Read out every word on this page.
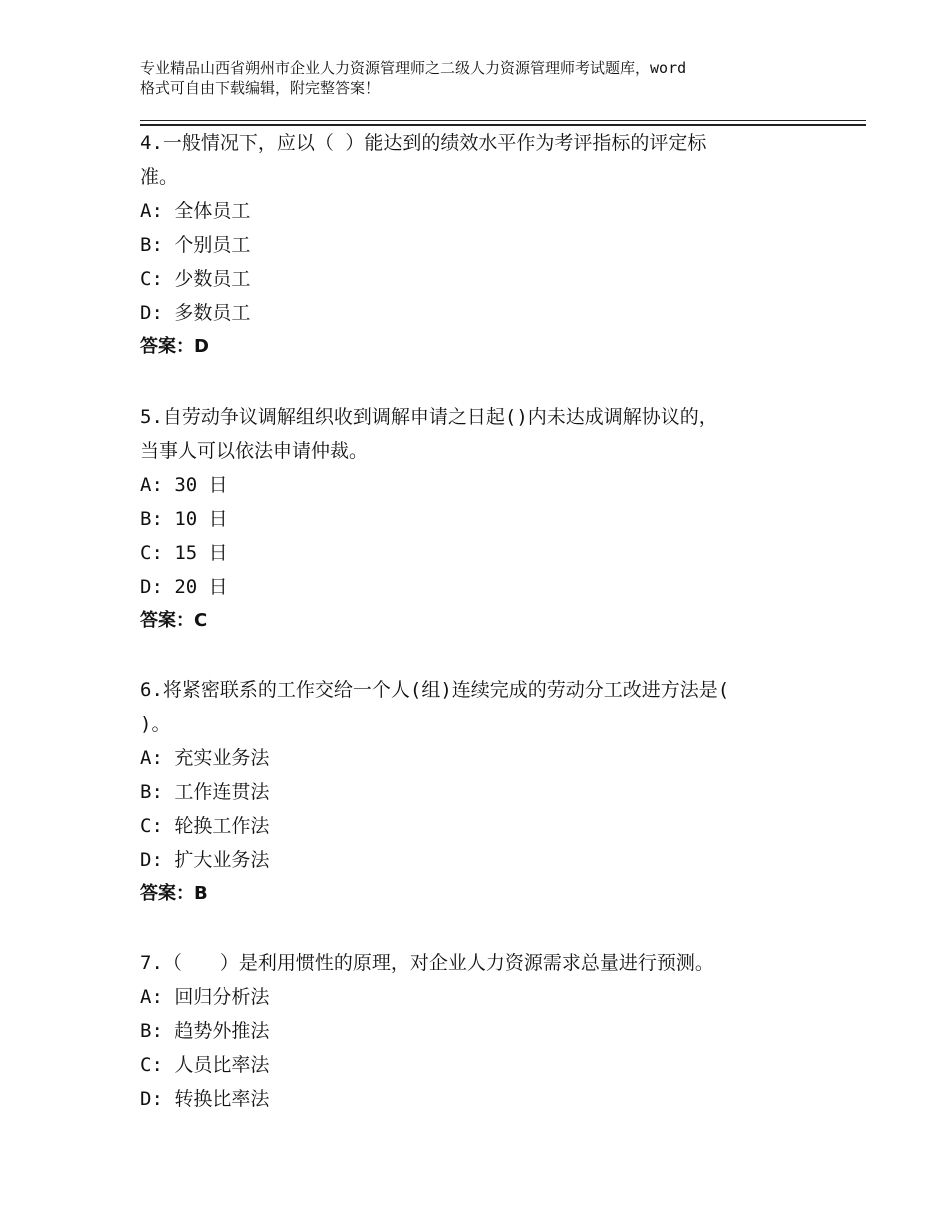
专业精品山西省朔州市企业人力资源管理师之二级人力资源管理师考试题库，word
格式可自由下载编辑，附完整答案！
4.一般情况下，应以（ ）能达到的绩效水平作为考评指标的评定标
准。
A: 全体员工
B: 个别员工
C: 少数员工
D: 多数员工
答案：D
5.自劳动争议调解组织收到调解申请之日起()内未达成调解协议的，
当事人可以依法申请仲裁。
A: 30 日
B: 10 日
C: 15 日
D: 20 日
答案：C
6.将紧密联系的工作交给一个人(组)连续完成的劳动分工改进方法是(
)。
A: 充实业务法
B: 工作连贯法
C: 轮换工作法
D: 扩大业务法
答案：B
7.（　　）是利用惯性的原理，对企业人力资源需求总量进行预测。
A: 回归分析法
B: 趋势外推法
C: 人员比率法
D: 转换比率法
